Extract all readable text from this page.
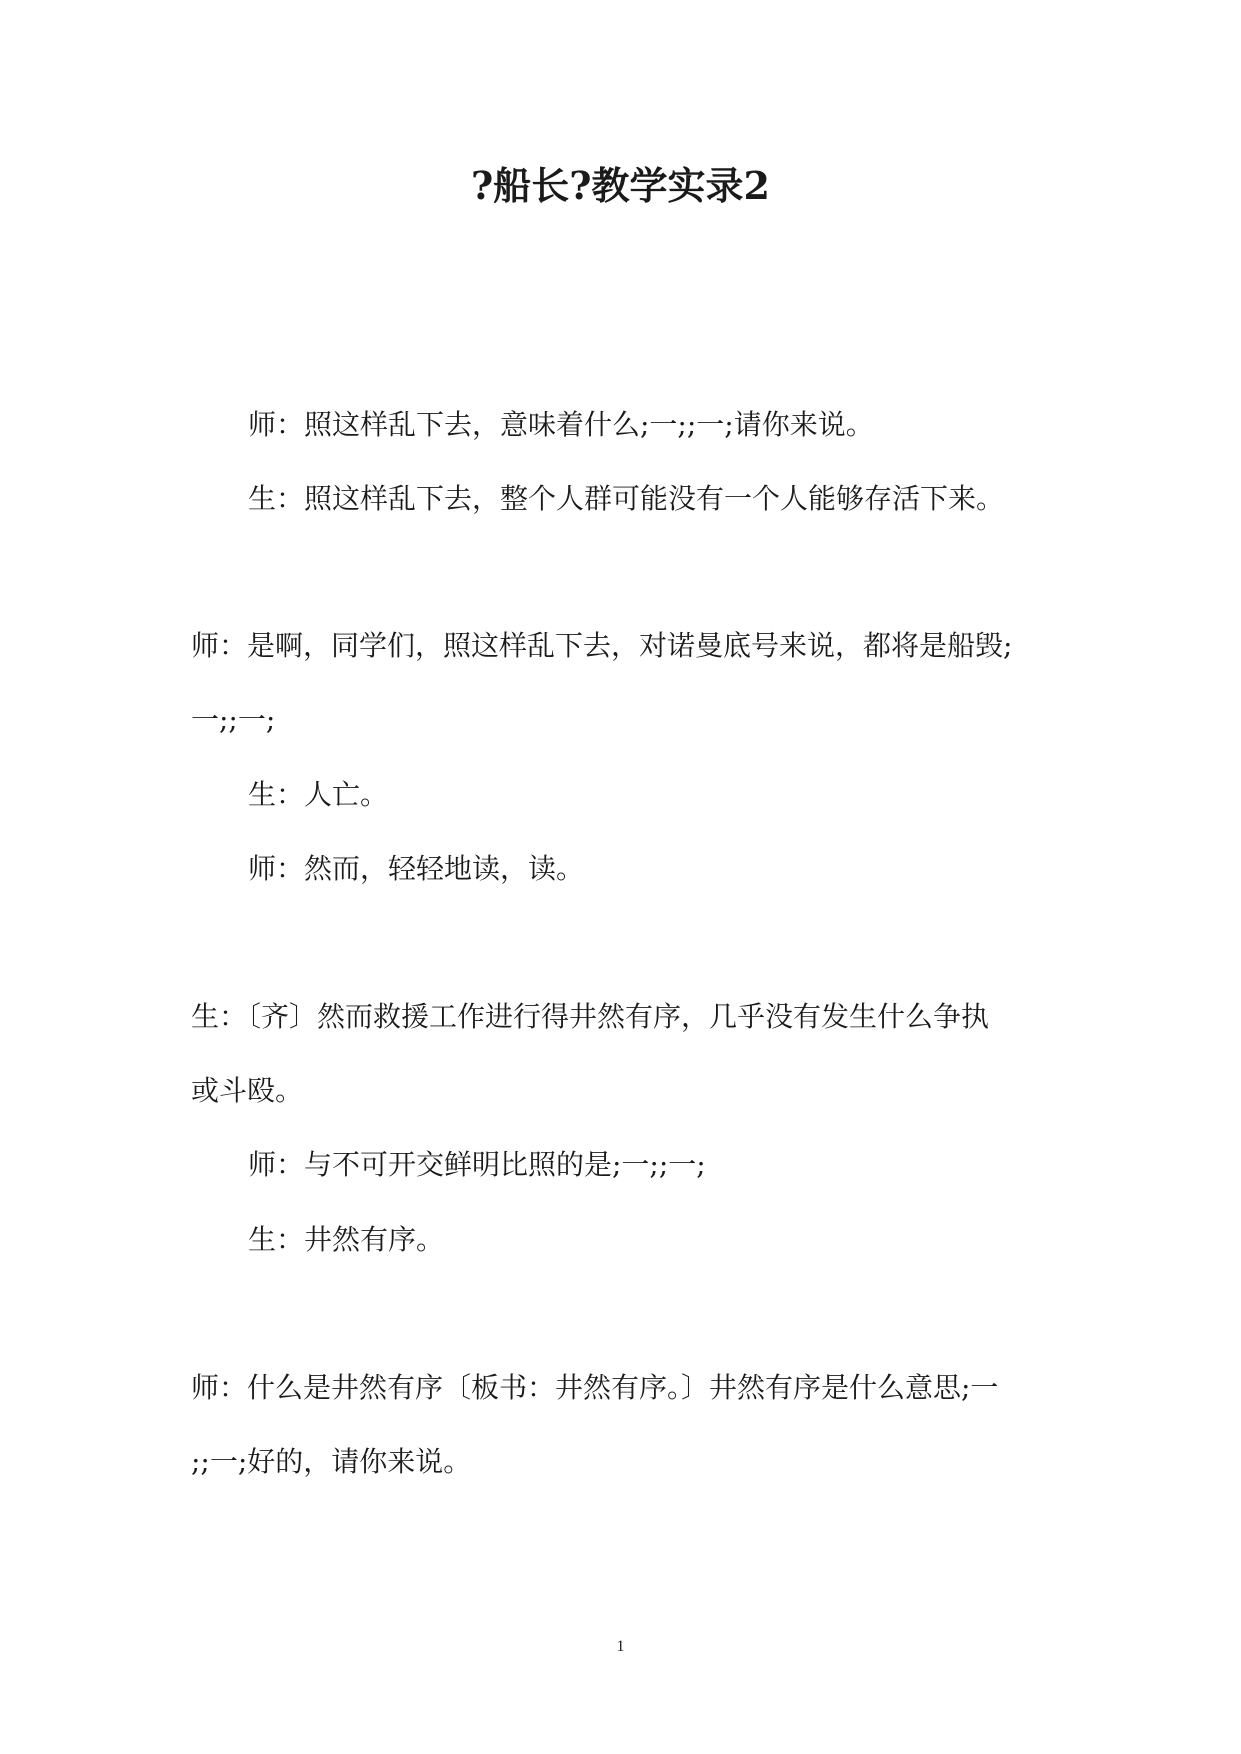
?船长?教学实录2

师：照这样乱下去，意味着什么;一;;一;请你来说。

生：照这样乱下去，整个人群可能没有一个人能够存活下来。

师：是啊，同学们，照这样乱下去，对诺曼底号来说，都将是船毁;

一;;一;

生：人亡。

师：然而，轻轻地读，读。

生：〔齐〕然而救援工作进行得井然有序，几乎没有发生什么争执

或斗殴。

师：与不可开交鲜明比照的是;一;;一;

生：井然有序。

师：什么是井然有序〔板书：井然有序。〕井然有序是什么意思;一

;;一;好的，请你来说。

1
